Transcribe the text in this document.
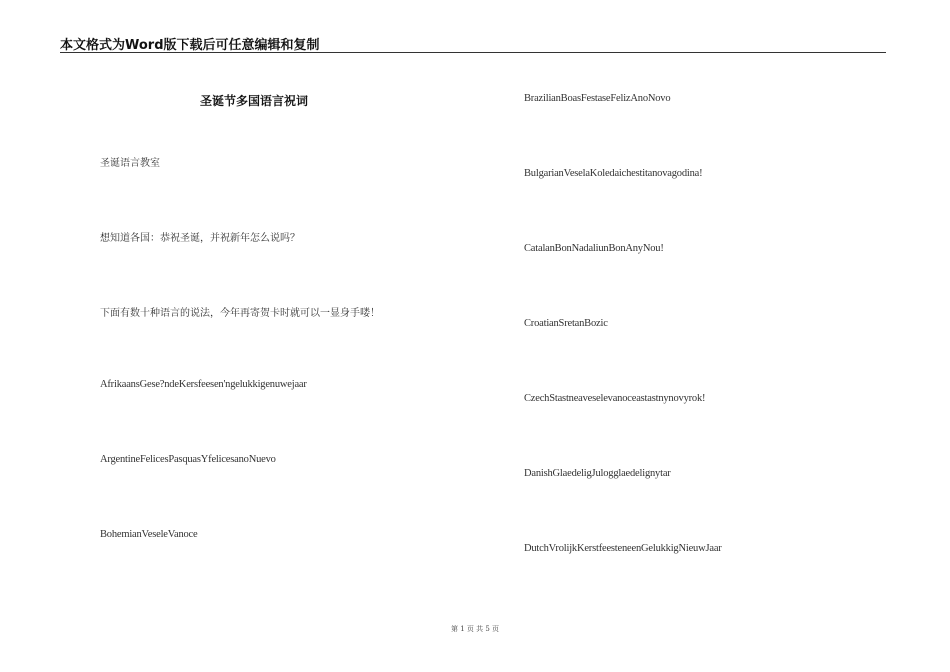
本文格式为Word版下载后可任意编辑和复制
圣诞节多国语言祝词
圣诞语言教室
想知道各国：恭祝圣诞，并祝新年怎么说吗？
下面有数十种语言的说法，今年再寄贺卡时就可以一显身手喽！
AfrikaansGese?ndeKersfeesen'ngelukkigenuwejaar
ArgentineFelicesPasquasYfelicesanoNuevo
BohemianVeseleVanoce
BrazilianBoasFestaseFelizAnoNovo
BulgarianVeselaKoledaichestitanovagodina!
CatalanBonNadaliunBonAnyNou!
CroatianSretanBozic
CzechStastneaveselevanoceastastnynovyrok!
DanishGlaedeligJulogglaedelignytar
DutchVrolijkKerstfeesteneenGelukkigNieuwJaar
第 1 页 共 5 页
